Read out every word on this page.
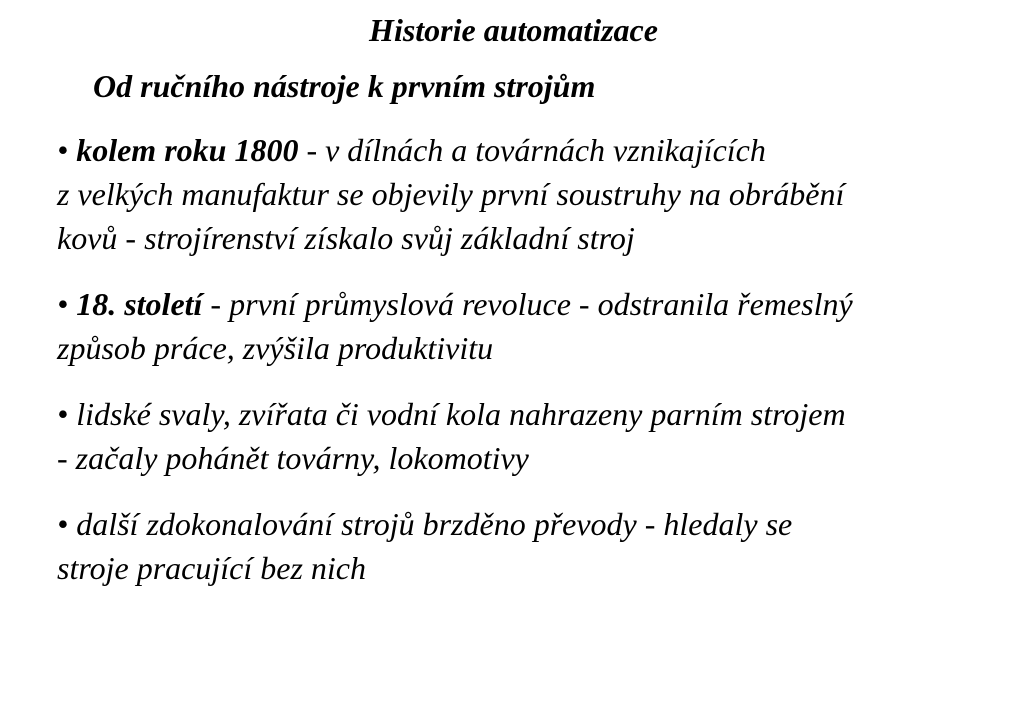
Historie automatizace
Od ručního nástroje k prvním strojům
• kolem roku 1800 - v dílnách a továrnách vznikajících
z velkých manufaktur se objevily první soustruhy na obrábění
kovů - strojírenství získalo svůj základní stroj
• 18. století - první průmyslová revoluce - odstranila řemeslný
způsob práce, zvýšila produktivitu
• lidské svaly, zvířata či vodní kola nahrazeny parním strojem
- začaly pohánět továrny, lokomotivy
• další zdokonalování strojů brzděno převody - hledaly se
stroje pracující bez nich
